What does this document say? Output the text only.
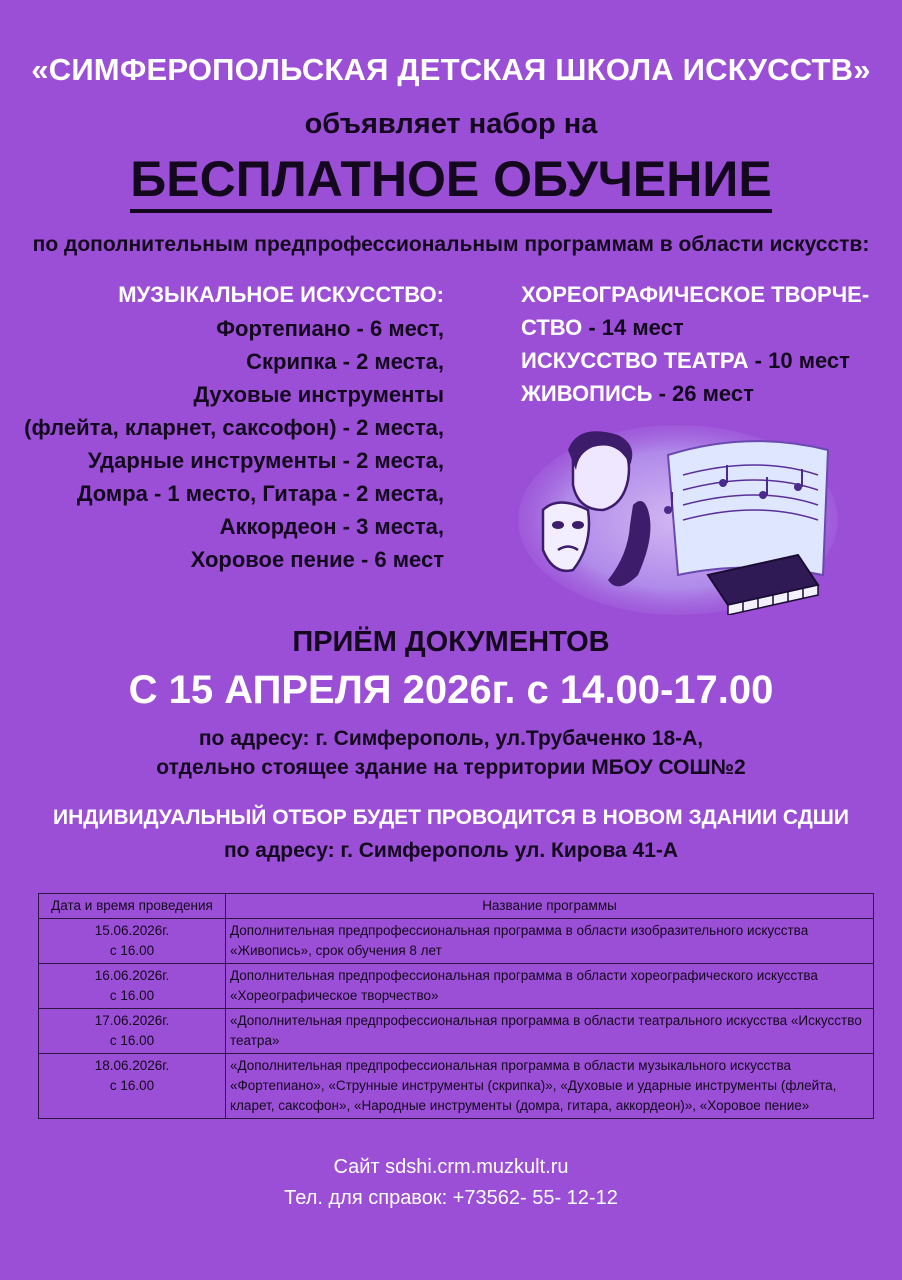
«СИМФЕРОПОЛЬСКАЯ ДЕТСКАЯ ШКОЛА ИСКУССТВ»
объявляет набор на
БЕСПЛАТНОЕ ОБУЧЕНИЕ
по дополнительным предпрофессиональным программам в области искусств:
МУЗЫКАЛЬНОЕ ИСКУССТВО:
Фортепиано - 6 мест,
Скрипка - 2 места,
Духовые инструменты
(флейта, кларнет, саксофон) - 2 места,
Ударные инструменты - 2 места,
Домра - 1 место, Гитара - 2 места,
Аккордеон - 3 места,
Хоровое пение - 6 мест
ХОРЕОГРАФИЧЕСКОЕ ТВОРЧЕ-
СТВО - 14 мест
ИСКУССТВО ТЕАТРА - 10 мест
ЖИВОПИСЬ - 26 мест
ПРИЁМ ДОКУМЕНТОВ
С 15 АПРЕЛЯ 2026г. с 14.00-17.00
по адресу: г. Симферополь, ул.Трубаченко 18-А,
отдельно стоящее здание на территории МБОУ СОШ№2
ИНДИВИДУАЛЬНЫЙ ОТБОР БУДЕТ ПРОВОДИТСЯ В НОВОМ ЗДАНИИ СДШИ
по адресу: г. Симферополь ул. Кирова 41-А
Дата и время проведения	Название программы

15.06.2026г.
с 16.00	Дополнительная предпрофессиональная программа в области изобразительного искусства «Живопись», срок обучения 8 лет

16.06.2026г.
с 16.00	Дополнительная предпрофессиональная программа в области хореографического искусства «Хореографическое творчество»

17.06.2026г.
с 16.00	«Дополнительная предпрофессиональная программа в области театрального искусства «Искусство театра»

18.06.2026г.
с 16.00	«Дополнительная предпрофессиональная программа в области музыкального искусства «Фортепиано», «Струнные инструменты (скрипка)», «Духовые и ударные инструменты (флейта, кларет, саксофон», «Народные инструменты (домра, гитара, аккордеон)», «Хоровое пение»
Сайт sdshi.crm.muzkult.ru
Тел. для справок: +73562- 55- 12-12
